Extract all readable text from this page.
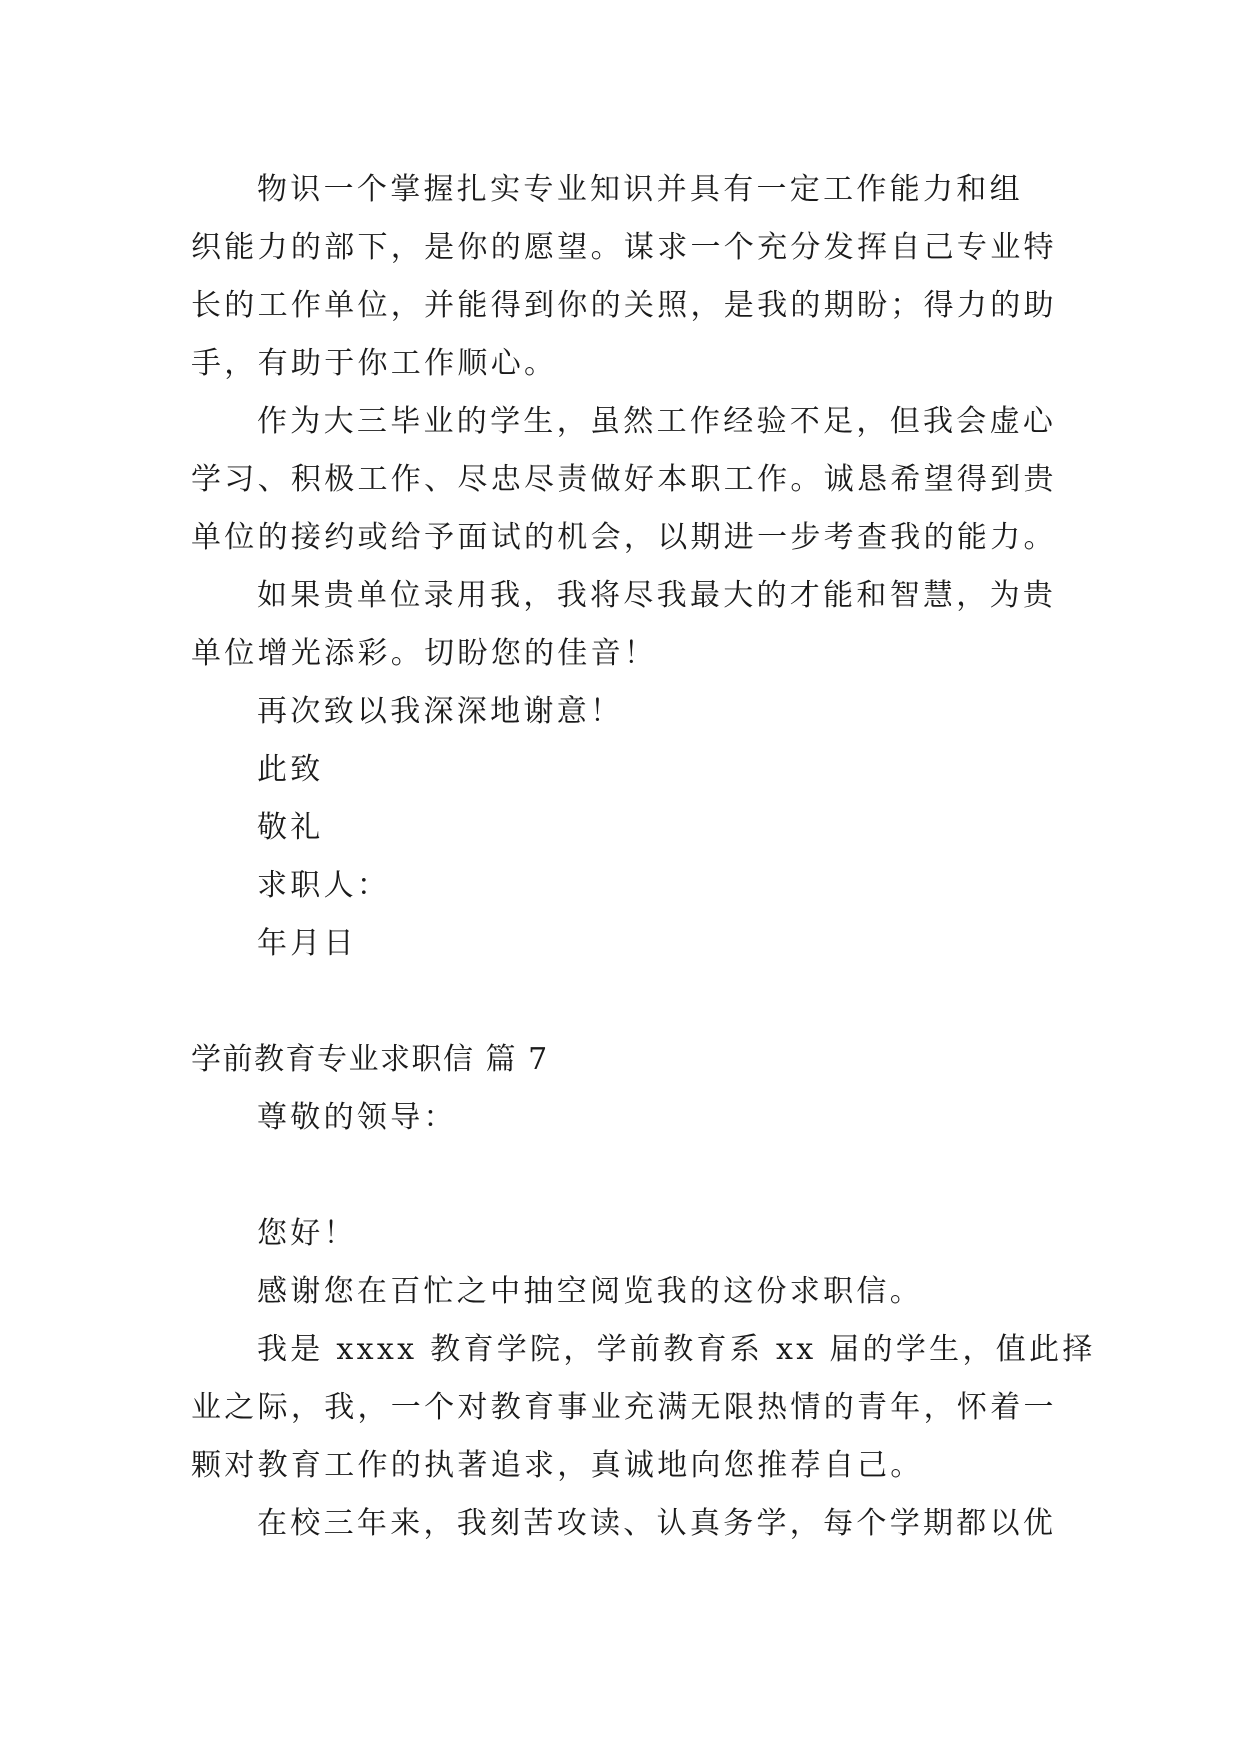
物识一个掌握扎实专业知识并具有一定工作能力和组
织能力的部下，是你的愿望。谋求一个充分发挥自己专业特
长的工作单位，并能得到你的关照，是我的期盼；得力的助
手，有助于你工作顺心。
作为大三毕业的学生，虽然工作经验不足，但我会虚心
学习、积极工作、尽忠尽责做好本职工作。诚恳希望得到贵
单位的接约或给予面试的机会，以期进一步考查我的能力。
如果贵单位录用我，我将尽我最大的才能和智慧，为贵
单位增光添彩。切盼您的佳音！
再次致以我深深地谢意！
此致
敬礼
求职人：
年月日
学前教育专业求职信 篇 7
尊敬的领导：
您好！
感谢您在百忙之中抽空阅览我的这份求职信。
我是 xxxx 教育学院，学前教育系 xx 届的学生，值此择
业之际，我，一个对教育事业充满无限热情的青年，怀着一
颗对教育工作的执著追求，真诚地向您推荐自己。
在校三年来，我刻苦攻读、认真务学，每个学期都以优
